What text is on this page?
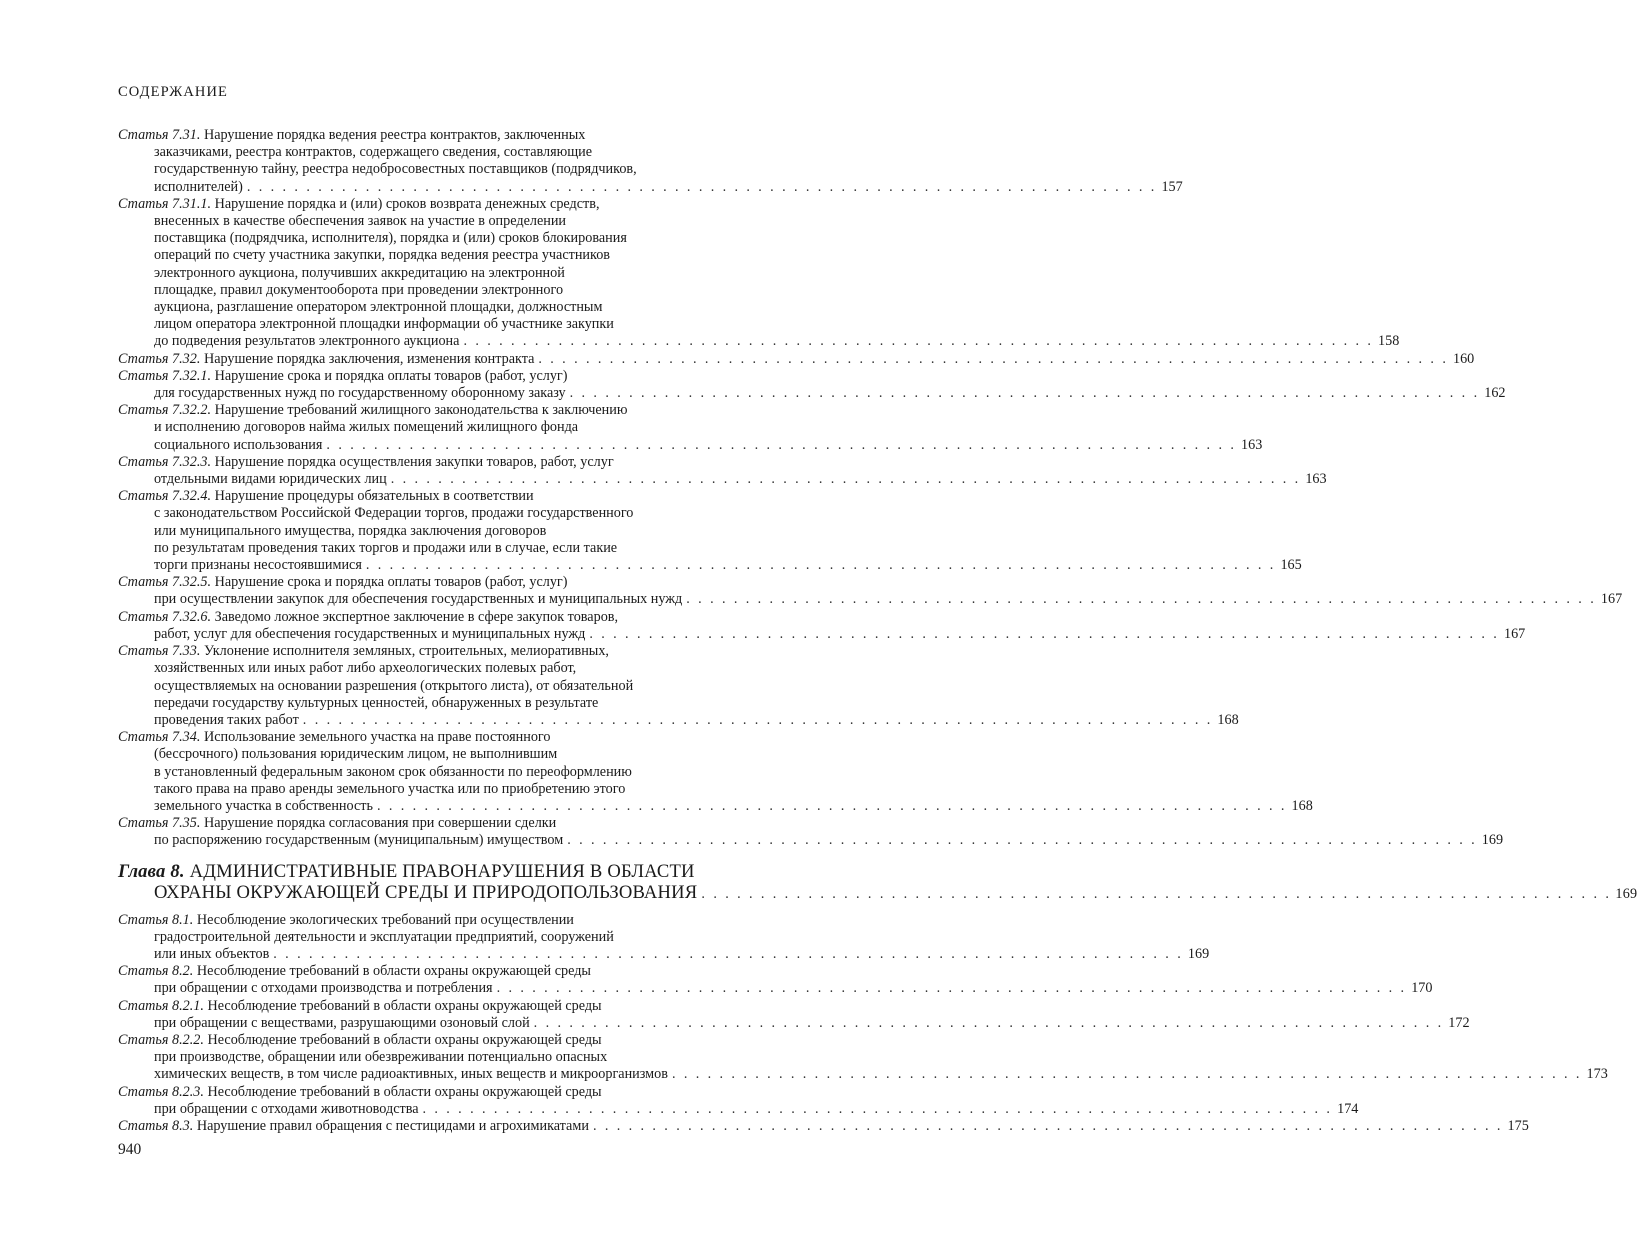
СОДЕРЖАНИЕ
Статья 7.31. Нарушение порядка ведения реестра контрактов, заключенных
заказчиками, реестра контрактов, содержащего сведения, составляющие
государственную тайну, реестра недобросовестных поставщиков (подрядчиков,
исполнителей) . . . . . . . . . . . . . . . . . . . . . . . . . . . . . . . . . . . . . . . . . . . . . . . . . . . . . . . . . . . . . . . . . . . . . . . . . . . . . 157
Статья 7.31.1. Нарушение порядка и (или) сроков возврата денежных средств,
внесенных в качестве обеспечения заявок на участие в определении
поставщика (подрядчика, исполнителя), порядка и (или) сроков блокирования
операций по счету участника закупки, порядка ведения реестра участников
электронного аукциона, получивших аккредитацию на электронной
площадке, правил документооборота при проведении электронного
аукциона, разглашение оператором электронной площадки, должностным
лицом оператора электронной площадки информации об участнике закупки
до подведения результатов электронного аукциона . . . . . . . . . . . . . . . . . . . . . . . . . . . . . . . . . . . . . . . . . . . . . . . . . . . . . . . . . . . . . . . . . . . . . . . . . . . . . 158
Статья 7.32. Нарушение порядка заключения, изменения контракта . . . . . . . . . . . . . . . . . . . . . . . . . . . . . . . . . . . . . . . . . . . . . . . . . . . . . . . . . . . . . . . . . . . . . . . . . . . . . 160
Статья 7.32.1. Нарушение срока и порядка оплаты товаров (работ, услуг)
для государственных нужд по государственному оборонному заказу . . . . . . . . . . . . . . . . . . . . . . . . . . . . . . . . . . . . . . . . . . . . . . . . . . . . . . . . . . . . . . . . . . . . . . . . . . . . . 162
Статья 7.32.2. Нарушение требований жилищного законодательства к заключению
и исполнению договоров найма жилых помещений жилищного фонда
социального использования . . . . . . . . . . . . . . . . . . . . . . . . . . . . . . . . . . . . . . . . . . . . . . . . . . . . . . . . . . . . . . . . . . . . . . . . . . . . . 163
Статья 7.32.3. Нарушение порядка осуществления закупки товаров, работ, услуг
отдельными видами юридических лиц . . . . . . . . . . . . . . . . . . . . . . . . . . . . . . . . . . . . . . . . . . . . . . . . . . . . . . . . . . . . . . . . . . . . . . . . . . . . . 163
Статья 7.32.4. Нарушение процедуры обязательных в соответствии
с законодательством Российской Федерации торгов, продажи государственного
или муниципального имущества, порядка заключения договоров
по результатам проведения таких торгов и продажи или в случае, если такие
торги признаны несостоявшимися . . . . . . . . . . . . . . . . . . . . . . . . . . . . . . . . . . . . . . . . . . . . . . . . . . . . . . . . . . . . . . . . . . . . . . . . . . . . . 165
Статья 7.32.5. Нарушение срока и порядка оплаты товаров (работ, услуг)
при осуществлении закупок для обеспечения государственных и муниципальных нужд . . . . . . . . . . . . . . . . . . . . . . . . . . . . . . . . . . . . . . . . . . . . . . . . . . . . . . . . . . . . . . . . . . . . . . . . . . . . . 167
Статья 7.32.6. Заведомо ложное экспертное заключение в сфере закупок товаров,
работ, услуг для обеспечения государственных и муниципальных нужд . . . . . . . . . . . . . . . . . . . . . . . . . . . . . . . . . . . . . . . . . . . . . . . . . . . . . . . . . . . . . . . . . . . . . . . . . . . . . 167
Статья 7.33. Уклонение исполнителя земляных, строительных, мелиоративных,
хозяйственных или иных работ либо археологических полевых работ,
осуществляемых на основании разрешения (открытого листа), от обязательной
передачи государству культурных ценностей, обнаруженных в результате
проведения таких работ . . . . . . . . . . . . . . . . . . . . . . . . . . . . . . . . . . . . . . . . . . . . . . . . . . . . . . . . . . . . . . . . . . . . . . . . . . . . . 168
Статья 7.34. Использование земельного участка на праве постоянного
(бессрочного) пользования юридическим лицом, не выполнившим
в установленный федеральным законом срок обязанности по переоформлению
такого права на право аренды земельного участка или по приобретению этого
земельного участка в собственность . . . . . . . . . . . . . . . . . . . . . . . . . . . . . . . . . . . . . . . . . . . . . . . . . . . . . . . . . . . . . . . . . . . . . . . . . . . . . 168
Статья 7.35. Нарушение порядка согласования при совершении сделки
по распоряжению государственным (муниципальным) имуществом . . . . . . . . . . . . . . . . . . . . . . . . . . . . . . . . . . . . . . . . . . . . . . . . . . . . . . . . . . . . . . . . . . . . . . . . . . . . . 169
Глава 8. АДМИНИСТРАТИВНЫЕ ПРАВОНАРУШЕНИЯ В ОБЛАСТИ
ОХРАНЫ ОКРУЖАЮЩЕЙ СРЕДЫ И ПРИРОДОПОЛЬЗОВАНИЯ . . . . . . . . . . . . . . . . . . . . . . . . . . . . . . . . . . . . . . . . . . . . . . . . . . . . . . . . . . . . . . . . . . . . . . . . . . . . . 169
Статья 8.1. Несоблюдение экологических требований при осуществлении
градостроительной деятельности и эксплуатации предприятий, сооружений
или иных объектов . . . . . . . . . . . . . . . . . . . . . . . . . . . . . . . . . . . . . . . . . . . . . . . . . . . . . . . . . . . . . . . . . . . . . . . . . . . . . 169
Статья 8.2. Несоблюдение требований в области охраны окружающей среды
при обращении с отходами производства и потребления . . . . . . . . . . . . . . . . . . . . . . . . . . . . . . . . . . . . . . . . . . . . . . . . . . . . . . . . . . . . . . . . . . . . . . . . . . . . . 170
Статья 8.2.1. Несоблюдение требований в области охраны окружающей среды
при обращении с веществами, разрушающими озоновый слой . . . . . . . . . . . . . . . . . . . . . . . . . . . . . . . . . . . . . . . . . . . . . . . . . . . . . . . . . . . . . . . . . . . . . . . . . . . . . 172
Статья 8.2.2. Несоблюдение требований в области охраны окружающей среды
при производстве, обращении или обезвреживании потенциально опасных
химических веществ, в том числе радиоактивных, иных веществ и микроорганизмов . . . . . . . . . . . . . . . . . . . . . . . . . . . . . . . . . . . . . . . . . . . . . . . . . . . . . . . . . . . . . . . . . . . . . . . . . . . . . 173
Статья 8.2.3. Несоблюдение требований в области охраны окружающей среды
при обращении с отходами животноводства . . . . . . . . . . . . . . . . . . . . . . . . . . . . . . . . . . . . . . . . . . . . . . . . . . . . . . . . . . . . . . . . . . . . . . . . . . . . . 174
Статья 8.3. Нарушение правил обращения с пестицидами и агрохимикатами . . . . . . . . . . . . . . . . . . . . . . . . . . . . . . . . . . . . . . . . . . . . . . . . . . . . . . . . . . . . . . . . . . . . . . . . . . . . . 175
940
